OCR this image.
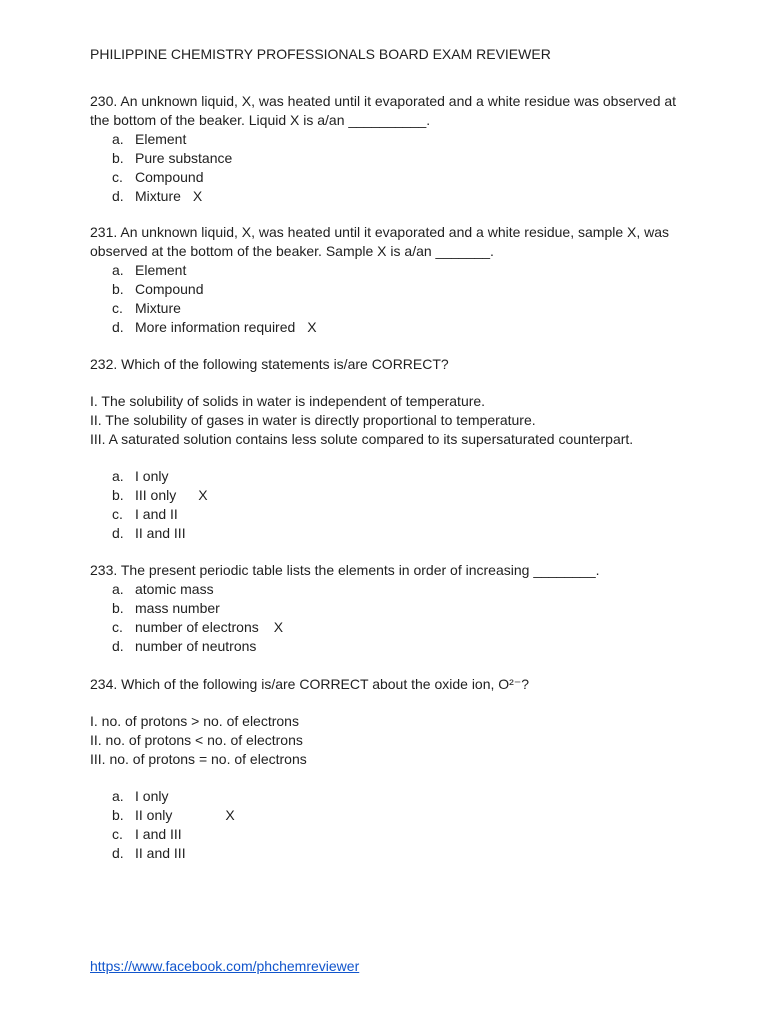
PHILIPPINE CHEMISTRY PROFESSIONALS BOARD EXAM REVIEWER

230. An unknown liquid, X, was heated until it evaporated and a white residue was observed at the bottom of the beaker. Liquid X is a/an __________.

a. Element
b. Pure substance
c. Compound
d. Mixture X

231. An unknown liquid, X, was heated until it evaporated and a white residue, sample X, was observed at the bottom of the beaker. Sample X is a/an _______.

a. Element
b. Compound
c. Mixture
d. More information required X

232. Which of the following statements is/are CORRECT?

I. The solubility of solids in water is independent of temperature.
II. The solubility of gases in water is directly proportional to temperature.
III. A saturated solution contains less solute compared to its supersaturated counterpart.
a. I only
b. III only X
c. I and II
d. II and III

233. The present periodic table lists the elements in order of increasing ________.

a. atomic mass
b. mass number
c. number of electrons X
d. number of neutrons

234. Which of the following is/are CORRECT about the oxide ion, O²⁻?

I. no. of protons > no. of electrons
II. no. of protons < no. of electrons
III. no. of protons = no. of electrons
a. I only
b. II only	X
c. I and III
d. II and III
https://www.facebook.com/phchemreviewer
